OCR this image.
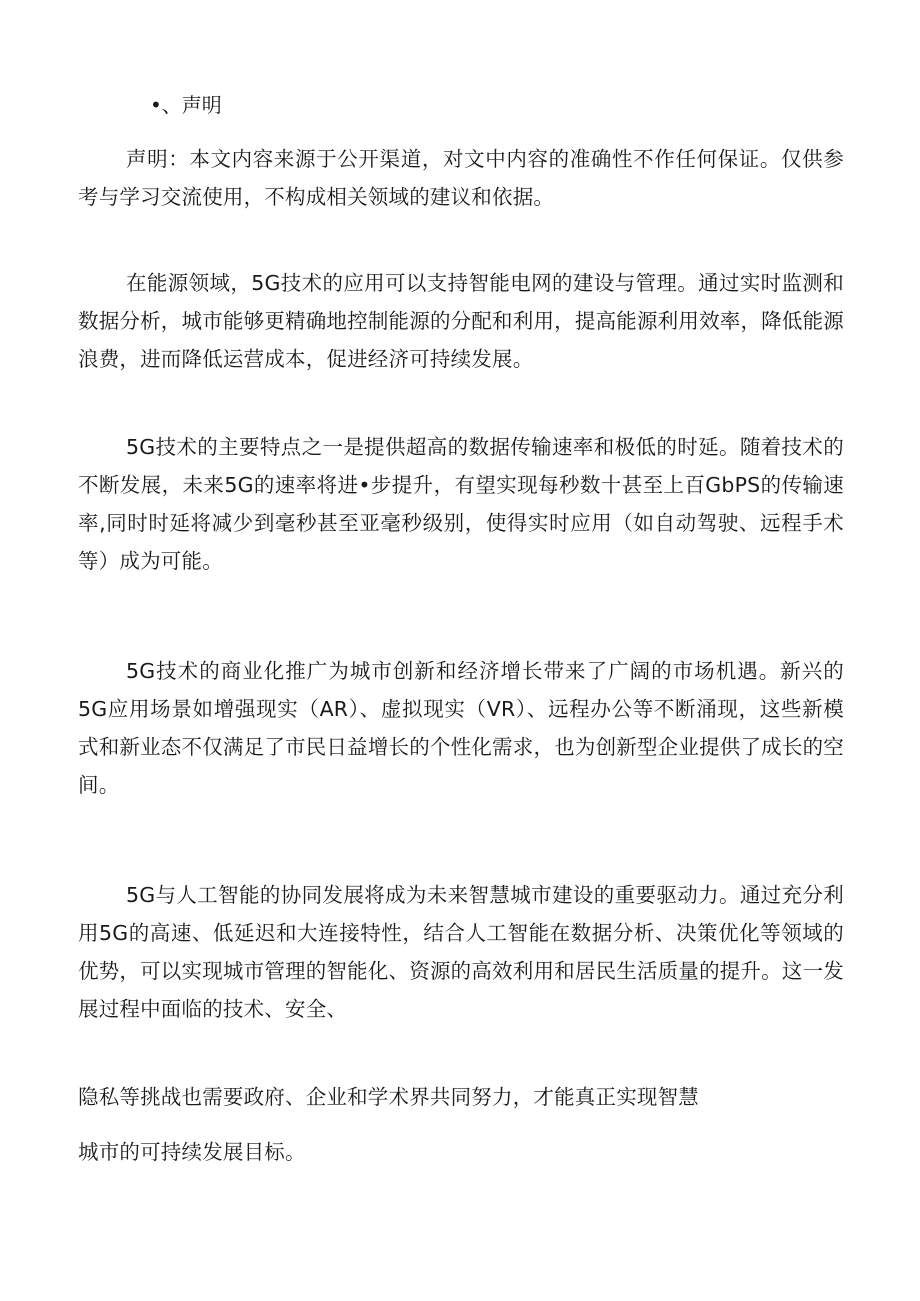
•、声明

声明：本文内容来源于公开渠道，对文中内容的准确性不作任何保证。仅供参考与学习交流使用，不构成相关领域的建议和依据。

在能源领域，5G技术的应用可以支持智能电网的建设与管理。通过实时监测和数据分析，城市能够更精确地控制能源的分配和利用，提高能源利用效率，降低能源浪费，进而降低运营成本，促进经济可持续发展。

5G技术的主要特点之一是提供超高的数据传输速率和极低的时延。随着技术的不断发展，未来5G的速率将进•步提升，有望实现每秒数十甚至上百GbPS的传输速率,同时时延将减少到毫秒甚至亚毫秒级别，使得实时应用（如自动驾驶、远程手术等）成为可能。

5G技术的商业化推广为城市创新和经济增长带来了广阔的市场机遇。新兴的5G应用场景如增强现实（AR）、虚拟现实（VR）、远程办公等不断涌现，这些新模式和新业态不仅满足了市民日益增长的个性化需求，也为创新型企业提供了成长的空间。

5G与人工智能的协同发展将成为未来智慧城市建设的重要驱动力。通过充分利用5G的高速、低延迟和大连接特性，结合人工智能在数据分析、决策优化等领域的优势，可以实现城市管理的智能化、资源的高效利用和居民生活质量的提升。这一发展过程中面临的技术、安全、

隐私等挑战也需要政府、企业和学术界共同努力，才能真正实现智慧
城市的可持续发展目标。
